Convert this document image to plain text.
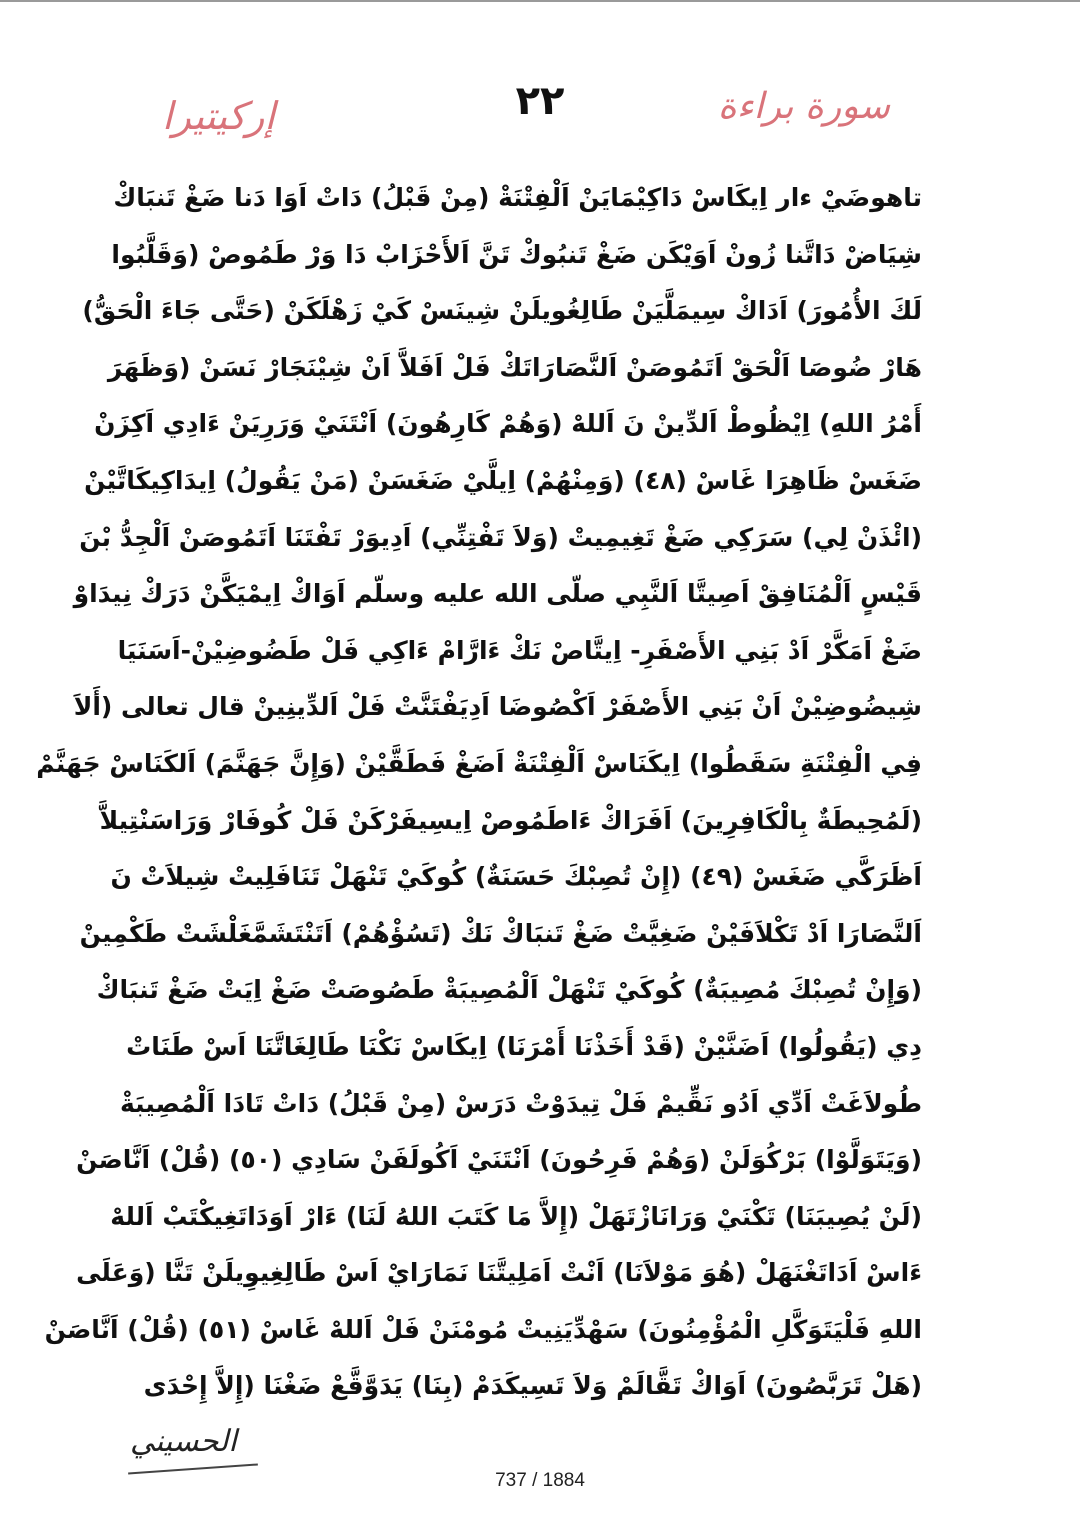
سورة براءة
٢٢
إركيتيرا
تاهوضَيْ ءار اِيكَاسْ دَاكِيْمَايَنْ اَلْفِتْنَةْ (مِنْ قَبْلُ) دَاتْ اَوَا دَنا ضَغْ تَنبَاكْ
شِيَاضْ دَاتَّنا زُونْ اَوَيْكَن ضَغْ تَنبُوكْ تَنَّ اَلأَحْزَابْ دَا وَرْ طَمُوصْ (وَقَلَّبُوا
لَكَ الأُمُورَ) اَدَاكْ سِيمَلَّيَنْ طَالِغُويلَنْ شِينَسْ كَيْ زَهْلَكَنْ (حَتَّى جَاءَ الْحَقُّ)
هَارْ ضُوصَا اَلْحَقْ اَتَمُوصَنْ اَلنَّصَارَاتَكْ فَلْ اَفَلاَّ اَنْ شِيْنَجَارْ نَسَنْ (وَظَهَرَ
أَمْرُ اللهِ) اِيْظُوطْ اَلدِّينْ نَ اَللهْ (وَهُمْ كَارِهُونَ) اَنْتَنَيْ وَرَرِيَنْ ءَادِي اَكِزَنْ
ضَغَسْ ظَاهِرَا غَاسْ (٤٨) (وَمِنْهُمْ) اِيلَّيْ ضَغَسَنْ (مَنْ يَقُولُ) اِيدَاكِيكَاتَّيْنْ
(ائْذَنْ لِي) سَرَكِي ضَغْ تَغِيمِيتْ (وَلاَ تَفْتِنِّي) اَدِيوَرْ تَفْتَنَا اَتَمُوصَنْ اَلْجِدُّ بْنَ
قَيْسٍ اَلْمُنَافِقْ اَصِيتَّا اَلنَّبِي صلّى الله عليه وسلّم اَوَاكْ اِيمْيَكَّنْ دَرَكْ نِيدَاوْ
ضَغْ اَمَكَّرْ اَدْ بَنِي الأَصْفَرِ- اِيتَّاصْ نَكْ ءَارَّامْ ءَاكِي فَلْ طَضُوضِيْنْ-اَسَنَيَا
شِيضُوضِيْنْ اَنْ بَنِي الأَصْفَرْ اَكْصُوضَا اَدِيَفْتَنَّتْ فَلْ اَلدِّينِينْ قال تعالى (أَلاَ
فِي الْفِتْنَةِ سَقَطُوا) اِيكَنَاسْ اَلْفِتْنَةْ اَضَغْ فَطَقَّيْنْ (وَإِنَّ جَهَنَّمَ) اَلكَنَاسْ جَهَنَّمْ
(لَمُحِيطَةٌ بِالْكَافِرِينَ) اَفَرَاكْ ءَاطَمُوصْ اِيسِيفَرْكَنْ فَلْ كُوفَارْ وَرَاسَنْتِيلاَّ
اَظَرَكَّي ضَغَسْ (٤٩) (إِنْ تُصِبْكَ حَسَنَةٌ) كُوكَيْ تَنْهَلْ تَنَافَلِيتْ شِيلاَتْ نَ
اَلنَّصَارَا اَدْ تَكْلاَفَيْنْ ضَغِيَّتْ ضَغْ تَنبَاكْ نَكْ (تَسُؤْهُمْ) اَتَنْتَشَمَّغَلْشَتْ طَكْمِينْ
(وَإِنْ تُصِبْكَ مُصِيبَةٌ) كُوكَيْ تَنْهَلْ اَلْمُصِيبَةْ طَصُوصَتْ ضَغْ اِيَتْ ضَغْ تَنبَاكْ
دِي (يَقُولُوا) اَضَنَّيْنْ (قَدْ أَخَذْنَا أَمْرَنَا) اِيكَاسْ نَكْنَا طَالِغَاتَّنَا اَسْ طَنَاتْ
طُولاَغَتْ اَدِّي اَدُو نَقِّيمْ فَلْ تِيدَوْتْ دَرَسْ (مِنْ قَبْلُ) دَاتْ تَادَا اَلْمُصِيبَةْ
(وَيَتَوَلَّوْا) بَرْكُوَلَنْ (وَهُمْ فَرِحُونَ) اَنْتَنَيْ اَكُولَفَنْ سَادِي (٥٠) (قُلْ) اَنَّاصَنْ
(لَنْ يُصِيبَنَا) تَكْنَيْ وَرَانَازْتَهَلْ (إِلاَّ مَا كَتَبَ اللهُ لَنَا) ءَارْ اَوَدَاتَغِيكْتَبْ اَللهْ
ءَاسْ اَدَاتَغْنَهَلْ (هُوَ مَوْلاَنَا) اَنْتْ اَمَلِيتَّنَا نَمَارَايْ اَسْ طَالِغِيوِيلَنْ تَنَّا (وَعَلَى
اللهِ فَلْيَتَوَكَّلِ الْمُؤْمِنُونَ) سَهْدِّيَنِيتْ مُومْنَنْ فَلْ اَللهْ غَاسْ (٥١) (قُلْ) اَنَّاصَنْ
(هَلْ تَرَبَّصُونَ) اَوَاكْ تَقَّالَمْ وَلاَ تَسِيكَدَمْ (بِنَا) يَدَوَّقَّعْ ضَغْنَا (إِلاَّ إِحْدَى
الحسيني
737 / 1884
